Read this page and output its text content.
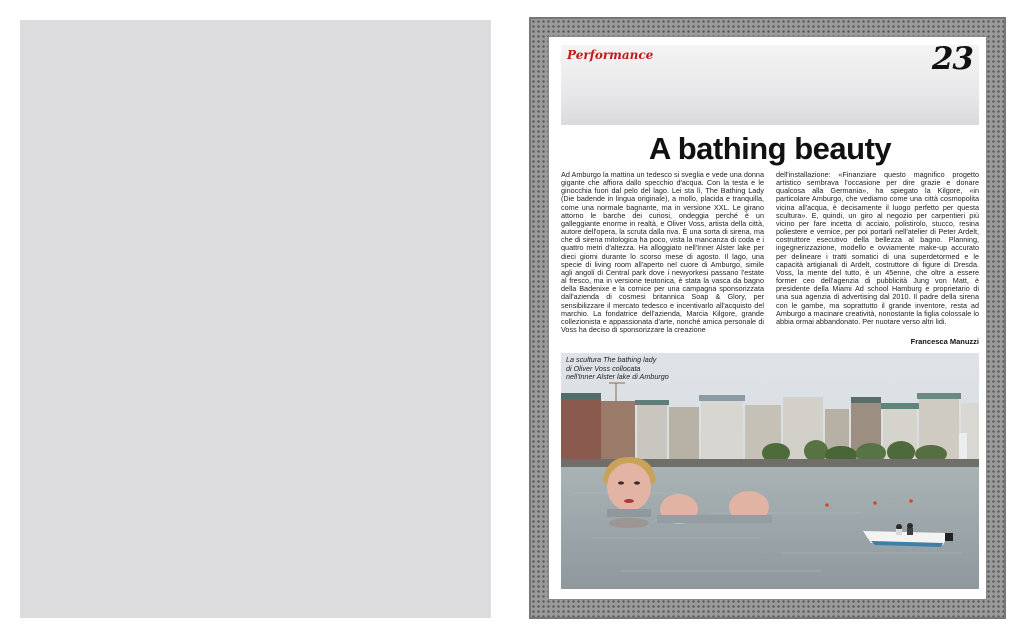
Performance	23
A bathing beauty

Ad Amburgo la mattina un tedesco si sveglia e vede una donna gigante che affiora dallo specchio d'acqua. Con la testa e le ginocchia fuori dal pelo del lago. Lei sta lì, The Bathing Lady (Die badende in lingua originale), a mollo, placida e tranquilla, come una normale bagnante, ma in versione XXL. Le girano attorno le barche dei curiosi, ondeggia perché è un galleggiante enorme in realtà, e Oliver Voss, artista della città, autore dell'opera, la scruta dalla riva. È una sorta di sirena, ma che di sirena mitologica ha poco, vista la mancanza di coda e i quattro metri d'altezza. Ha alloggiato nell'Inner Alster lake per dieci giorni durante lo scorso mese di agosto. Il lago, una specie di living room all'aperto nel cuore di Amburgo, simile agli angoli di Central park dove i newyorkesi passano l'estate al fresco, ma in versione teutonica, è stata la vasca da bagno della Badenixe e la cornice per una campagna sponsorizzata dall'azienda di cosmesi britannica Soap & Glory, per sensibilizzare il mercato tedesco e incentivarlo all'acquisto del marchio. La fondatrice dell'azienda, Marcia Kilgore, grande collezionista e appassionata d'arte, nonché amica personale di Voss ha deciso di sponsorizzare la creazione

dell'installazione: «Finanziare questo magnifico progetto artistico sembrava l'occasione per dire grazie e donare qualcosa alla Germania», ha spiegato la Kilgore, «in particolare Amburgo, che vediamo come una città cosmopolita vicina all'acqua, è decisamente il luogo perfetto per questa scultura». E, quindi, un giro al negozio per carpentieri più vicino per fare incetta di acciaio, polistirolo, stucco, resina poliestere e vernice, per poi portarli nell'atelier di Peter Ardelt, costruttore esecutivo della bellezza al bagno. Planning, ingegnerizzazione, modello e ovviamente make-up accurato per delineare i tratti somatici di una superdetormed e le capacità artigianali di Ardelt, costruttore di figure di Dresda. Voss, la mente del tutto, è un 45enne, che oltre a essere former ceo dell'agenzia di pubblicità Jung von Matt, è presidente della Miami Ad school Hamburg e proprietario di una sua agenzia di advertising dal 2010. Il padre della sirena con le gambe, ma soprattutto il grande inventore, resta ad Amburgo a macinare creatività, nonostante la figlia colossale lo abbia ormai abbandonato. Per nuotare verso altri lidi.

Francesca Manuzzi
La scultura The bathing lady
di Oliver Voss collocata
nell'Inner Alster lake di Amburgo
